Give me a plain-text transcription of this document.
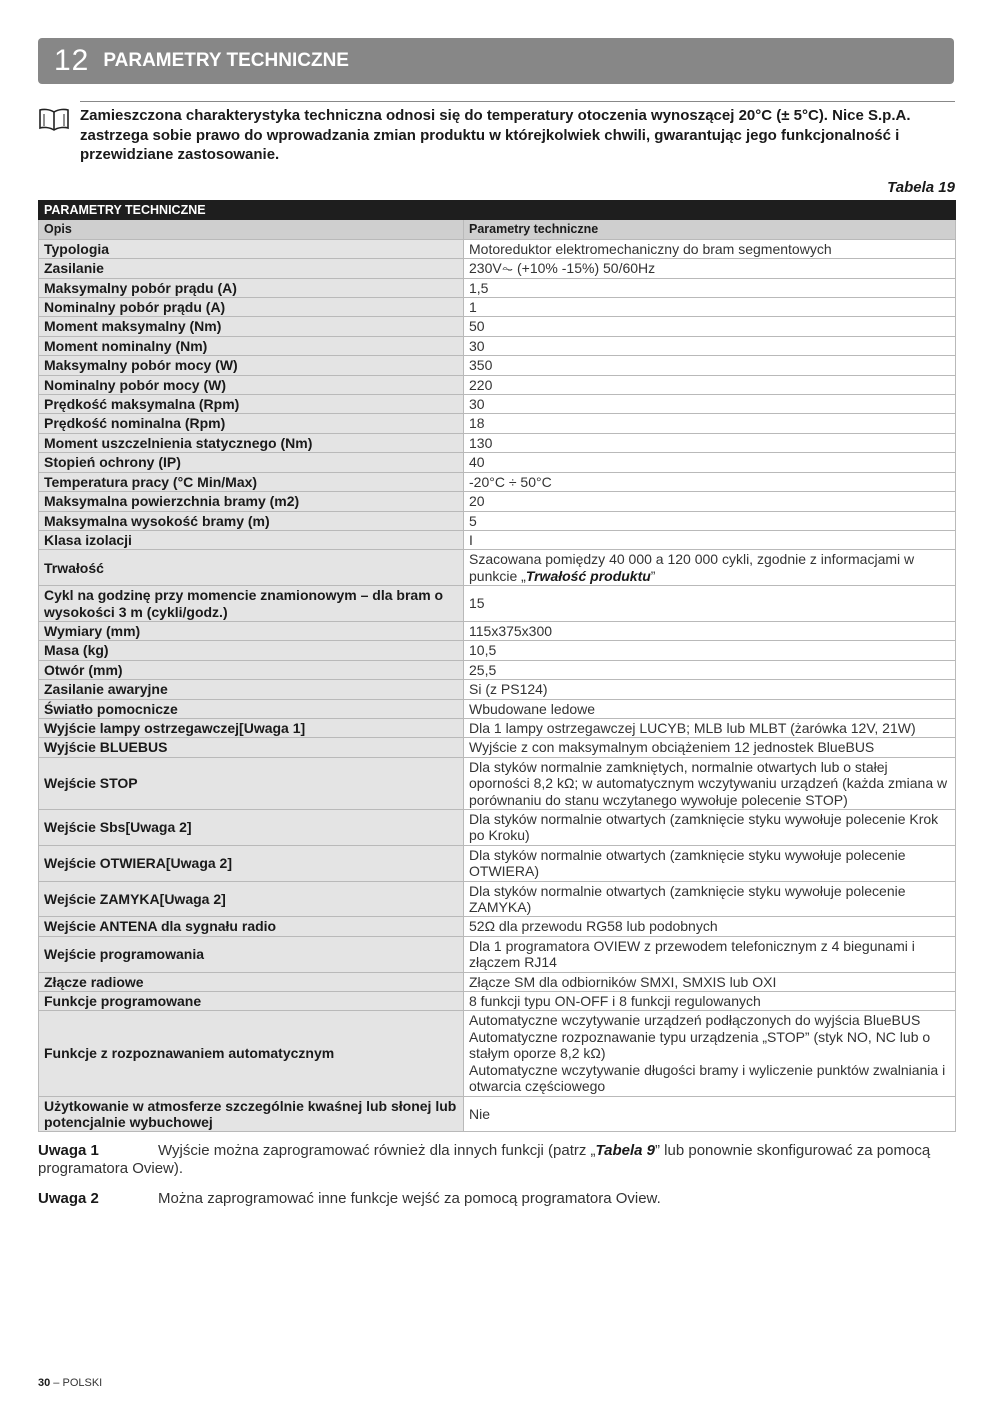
12 PARAMETRY TECHNICZNE
Zamieszczona charakterystyka techniczna odnosi się do temperatury otoczenia wynoszącej 20°C (± 5°C). Nice S.p.A. zastrzega sobie prawo do wprowadzania zmian produktu w którejkolwiek chwili, gwarantując jego funkcjonalność i przewidziane zastosowanie.
Tabela 19
PARAMETRY TECHNICZNE	
Opis	Parametry techniczne
Typologia	Motoreduktor elektromechaniczny do bram segmentowych
Zasilanie	230V⏦ (+10% -15%) 50/60Hz
Maksymalny pobór prądu (A)	1,5
Nominalny pobór prądu (A)	1
Moment maksymalny (Nm)	50
Moment nominalny (Nm)	30
Maksymalny pobór mocy (W)	350
Nominalny pobór mocy (W)	220
Prędkość maksymalna (Rpm)	30
Prędkość nominalna (Rpm)	18
Moment uszczelnienia statycznego (Nm)	130
Stopień ochrony (IP)	40
Temperatura pracy (°C Min/Max)	-20°C ÷ 50°C
Maksymalna powierzchnia bramy (m2)	20
Maksymalna wysokość bramy (m)	5
Klasa izolacji	I
Trwałość	Szacowana pomiędzy 40 000 a 120 000 cykli, zgodnie z informacjami w punkcie „Trwałość produktu”
Cykl na godzinę przy momencie znamionowym – dla bram o wysokości 3 m (cykli/godz.)	15
Wymiary (mm)	115x375x300
Masa (kg)	10,5
Otwór (mm)	25,5
Zasilanie awaryjne	Si (z PS124)
Światło pomocnicze	Wbudowane ledowe
Wyjście lampy ostrzegawczej[Uwaga 1]	Dla 1 lampy ostrzegawczej LUCYB; MLB lub MLBT (żarówka 12V, 21W)
Wyjście BLUEBUS	Wyjście z con maksymalnym obciążeniem 12 jednostek BlueBUS
Wejście STOP	Dla styków normalnie zamkniętych, normalnie otwartych lub o stałej oporności 8,2 kΩ; w automatycznym wczytywaniu urządzeń (każda zmiana w porównaniu do stanu wczytanego wywołuje polecenie STOP)
Wejście Sbs[Uwaga 2]	Dla styków normalnie otwartych (zamknięcie styku wywołuje polecenie Krok po Kroku)
Wejście OTWIERA[Uwaga 2]	Dla styków normalnie otwartych (zamknięcie styku wywołuje polecenie OTWIERA)
Wejście ZAMYKA[Uwaga 2]	Dla styków normalnie otwartych (zamknięcie styku wywołuje polecenie ZAMYKA)
Wejście ANTENA dla sygnału radio	52Ω dla przewodu RG58 lub podobnych
Wejście programowania	Dla 1 programatora OVIEW z przewodem telefonicznym z 4 biegunami i złączem RJ14
Złącze radiowe	Złącze SM dla odbiorników SMXI, SMXIS lub OXI
Funkcje programowane	8 funkcji typu ON-OFF i 8 funkcji regulowanych
Funkcje z rozpoznawaniem automatycznym	Automatyczne wczytywanie urządzeń podłączonych do wyjścia BlueBUS
Automatyczne rozpoznawanie typu urządzenia „STOP” (styk NO, NC lub o stałym oporze 8,2 kΩ)
Automatyczne wczytywanie długości bramy i wyliczenie punktów zwalniania i otwarcia częściowego
Użytkowanie w atmosferze szczególnie kwaśnej lub słonej lub potencjalnie wybuchowej	Nie
Uwaga 1	Wyjście można zaprogramować również dla innych funkcji (patrz „Tabela 9” lub ponownie skonfigurować za pomocą programatora Oview).
Uwaga 2	Można zaprogramować inne funkcje wejść za pomocą programatora Oview.
30 – POLSKI
